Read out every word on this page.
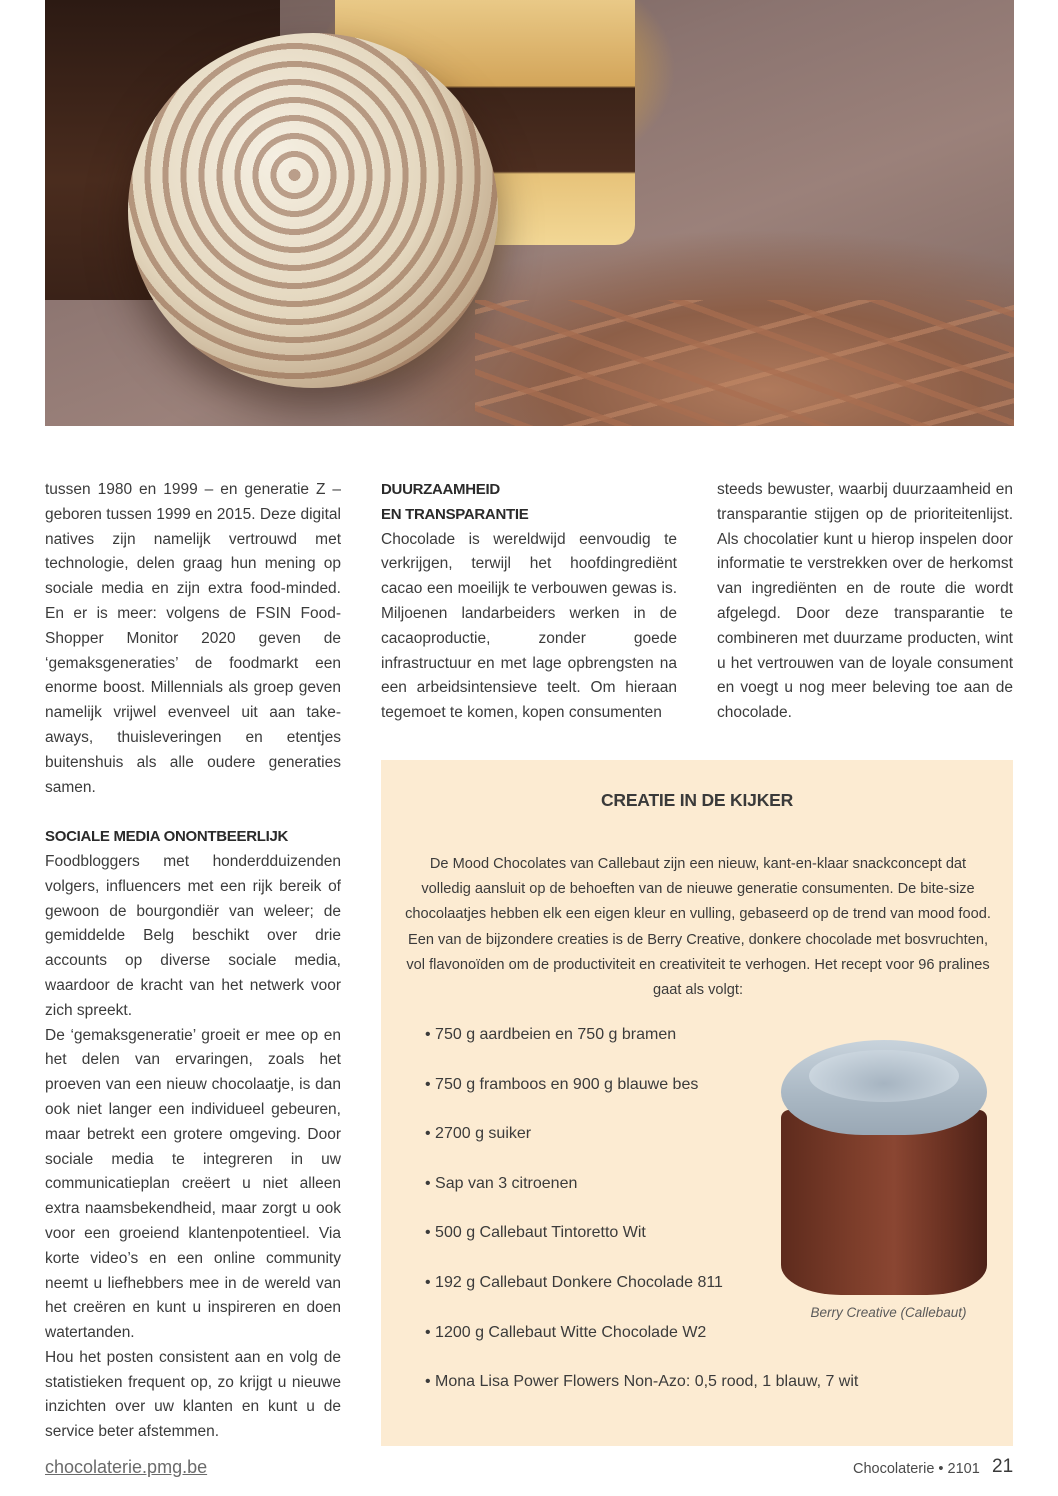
tussen 1980 en 1999 – en generatie Z – geboren tussen 1999 en 2015. Deze digital natives zijn namelijk vertrouwd met technologie, delen graag hun mening op sociale media en zijn extra food-minded. En er is meer: volgens de FSIN Food-Shopper Monitor 2020 geven de ‘gemaksgeneraties’ de foodmarkt een enorme boost. Millennials als groep geven namelijk vrijwel evenveel uit aan take-aways, thuisleveringen en etentjes buitenshuis als alle oudere generaties samen.

SOCIALE MEDIA ONONTBEERLIJK

Foodbloggers met honderdduizenden volgers, influencers met een rijk bereik of gewoon de bourgondiër van weleer; de gemiddelde Belg beschikt over drie accounts op diverse sociale media, waardoor de kracht van het netwerk voor zich spreekt.

De ‘gemaksgeneratie’ groeit er mee op en het delen van ervaringen, zoals het proeven van een nieuw chocolaatje, is dan ook niet langer een individueel gebeuren, maar betrekt een grotere omgeving. Door sociale media te integreren in uw communicatieplan creëert u niet alleen extra naamsbekendheid, maar zorgt u ook voor een groeiend klantenpotentieel. Via korte video’s en een online community neemt u liefhebbers mee in de wereld van het creëren en kunt u inspireren en doen watertanden.

Hou het posten consistent aan en volg de statistieken frequent op, zo krijgt u nieuwe inzichten over uw klanten en kunt u de service beter afstemmen.

DUURZAAMHEID

EN TRANSPARANTIE

Chocolade is wereldwijd eenvoudig te verkrijgen, terwijl het hoofdingrediënt cacao een moeilijk te verbouwen gewas is. Miljoenen landarbeiders werken in de cacaoproductie, zonder goede infrastructuur en met lage opbrengsten na een arbeidsintensieve teelt. Om hieraan tegemoet te komen, kopen consumenten

steeds bewuster, waarbij duurzaamheid en transparantie stijgen op de prioriteitenlijst. Als chocolatier kunt u hierop inspelen door informatie te verstrekken over de herkomst van ingrediënten en de route die wordt afgelegd. Door deze transparantie te combineren met duurzame producten, wint u het vertrouwen van de loyale consument en voegt u nog meer beleving toe aan de chocolade.

CREATIE IN DE KIJKER

De Mood Chocolates van Callebaut zijn een nieuw, kant-en-klaar snackconcept dat volledig aansluit op de behoeften van de nieuwe generatie consumenten. De bite-size chocolaatjes hebben elk een eigen kleur en vulling, gebaseerd op de trend van mood food. Een van de bijzondere creaties is de Berry Creative, donkere chocolade met bosvruchten, vol flavonoïden om de productiviteit en creativiteit te verhogen. Het recept voor 96 pralines gaat als volgt:

• 750 g aardbeien en 750 g bramen
• 750 g framboos en 900 g blauwe bes
• 2700 g suiker
• Sap van 3 citroenen
• 500 g Callebaut Tintoretto Wit
• 192 g Callebaut Donkere Chocolade 811
• 1200 g Callebaut Witte Chocolade W2
• Mona Lisa Power Flowers Non-Azo: 0,5 rood, 1 blauw, 7 wit
Berry Creative (Callebaut)
chocolaterie.pmg.be	Chocolaterie • 2101 21
